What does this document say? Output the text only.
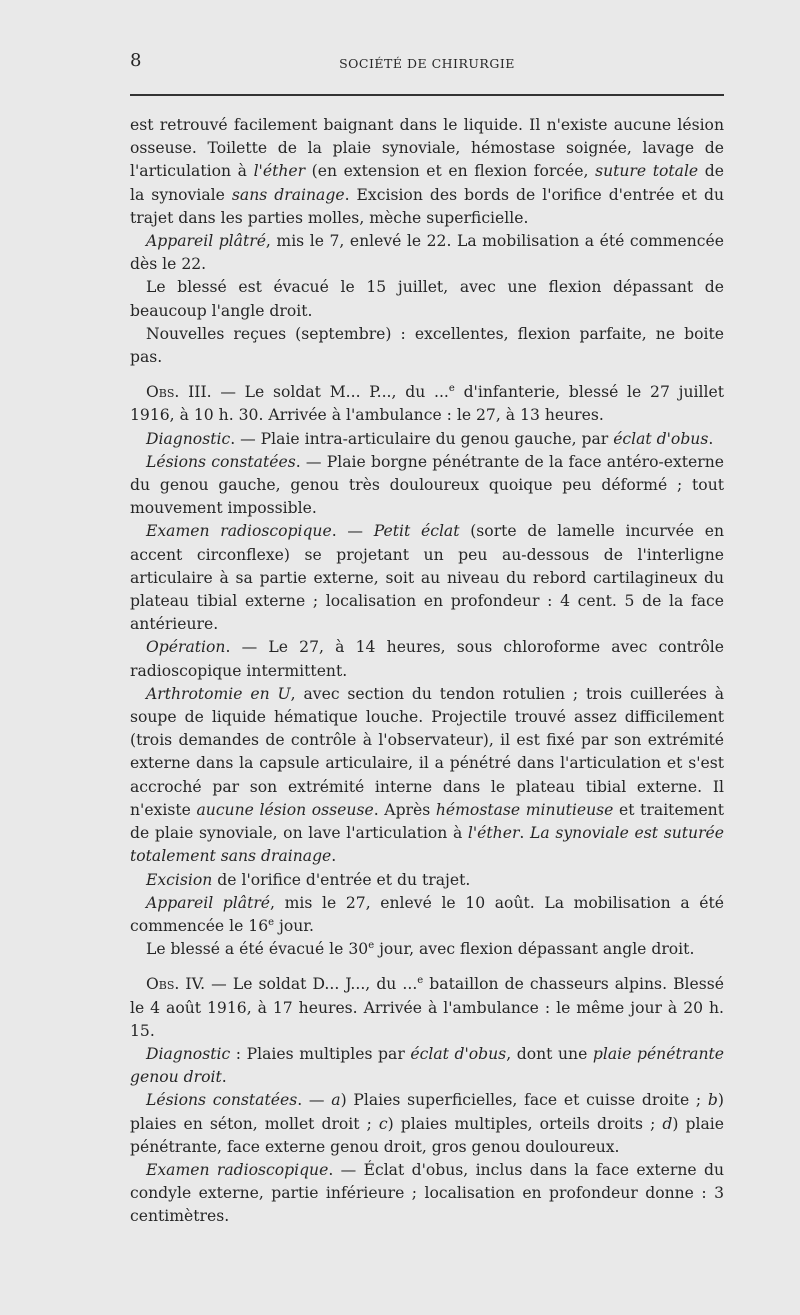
8	SOCIÉTÉ DE CHIRURGIE

est retrouvé facilement baignant dans le liquide. Il n'existe aucune lésion osseuse. Toilette de la plaie synoviale, hémostase soignée, lavage de l'articulation à l'éther (en extension et en flexion forcée, suture totale de la synoviale sans drainage. Excision des bords de l'orifice d'entrée et du trajet dans les parties molles, mèche superficielle.

Appareil plâtré, mis le 7, enlevé le 22. La mobilisation a été commencée dès le 22.

Le blessé est évacué le 15 juillet, avec une flexion dépassant de beaucoup l'angle droit.

Nouvelles reçues (septembre) : excellentes, flexion parfaite, ne boite pas.

Obs. III. — Le soldat M... P..., du ...$^e$ d'infanterie, blessé le 27 juillet 1916, à 10 h. 30. Arrivée à l'ambulance : le 27, à 13 heures.

Diagnostic. — Plaie intra-articulaire du genou gauche, par éclat d'obus.

Lésions constatées. — Plaie borgne pénétrante de la face antéro-externe du genou gauche, genou très douloureux quoique peu déformé ; tout mouvement impossible.

Examen radioscopique. — Petit éclat (sorte de lamelle incurvée en accent circonflexe) se projetant un peu au-dessous de l'interligne articulaire à sa partie externe, soit au niveau du rebord cartilagineux du plateau tibial externe ; localisation en profondeur : 4 cent. 5 de la face antérieure.

Opération. — Le 27, à 14 heures, sous chloroforme avec contrôle radioscopique intermittent.

Arthrotomie en U, avec section du tendon rotulien ; trois cuillerées à soupe de liquide hématique louche. Projectile trouvé assez difficilement (trois demandes de contrôle à l'observateur), il est fixé par son extrémité externe dans la capsule articulaire, il a pénétré dans l'articulation et s'est accroché par son extrémité interne dans le plateau tibial externe. Il n'existe aucune lésion osseuse. Après hémostase minutieuse et traitement de plaie synoviale, on lave l'articulation à l'éther. La synoviale est suturée totalement sans drainage.

Excision de l'orifice d'entrée et du trajet.

Appareil plâtré, mis le 27, enlevé le 10 août. La mobilisation a été commencée le 16e jour.

Le blessé a été évacué le 30e jour, avec flexion dépassant angle droit.

Obs. IV. — Le soldat D... J..., du ...$^e$ bataillon de chasseurs alpins. Blessé le 4 août 1916, à 17 heures. Arrivée à l'ambulance : le même jour à 20 h. 15.

Diagnostic : Plaies multiples par éclat d'obus, dont une plaie pénétrante genou droit.

Lésions constatées. — a) Plaies superficielles, face et cuisse droite ; b) plaies en séton, mollet droit ; c) plaies multiples, orteils droits ; d) plaie pénétrante, face externe genou droit, gros genou douloureux.

Examen radioscopique. — Éclat d'obus, inclus dans la face externe du condyle externe, partie inférieure ; localisation en profondeur donne : 3 centimètres.
